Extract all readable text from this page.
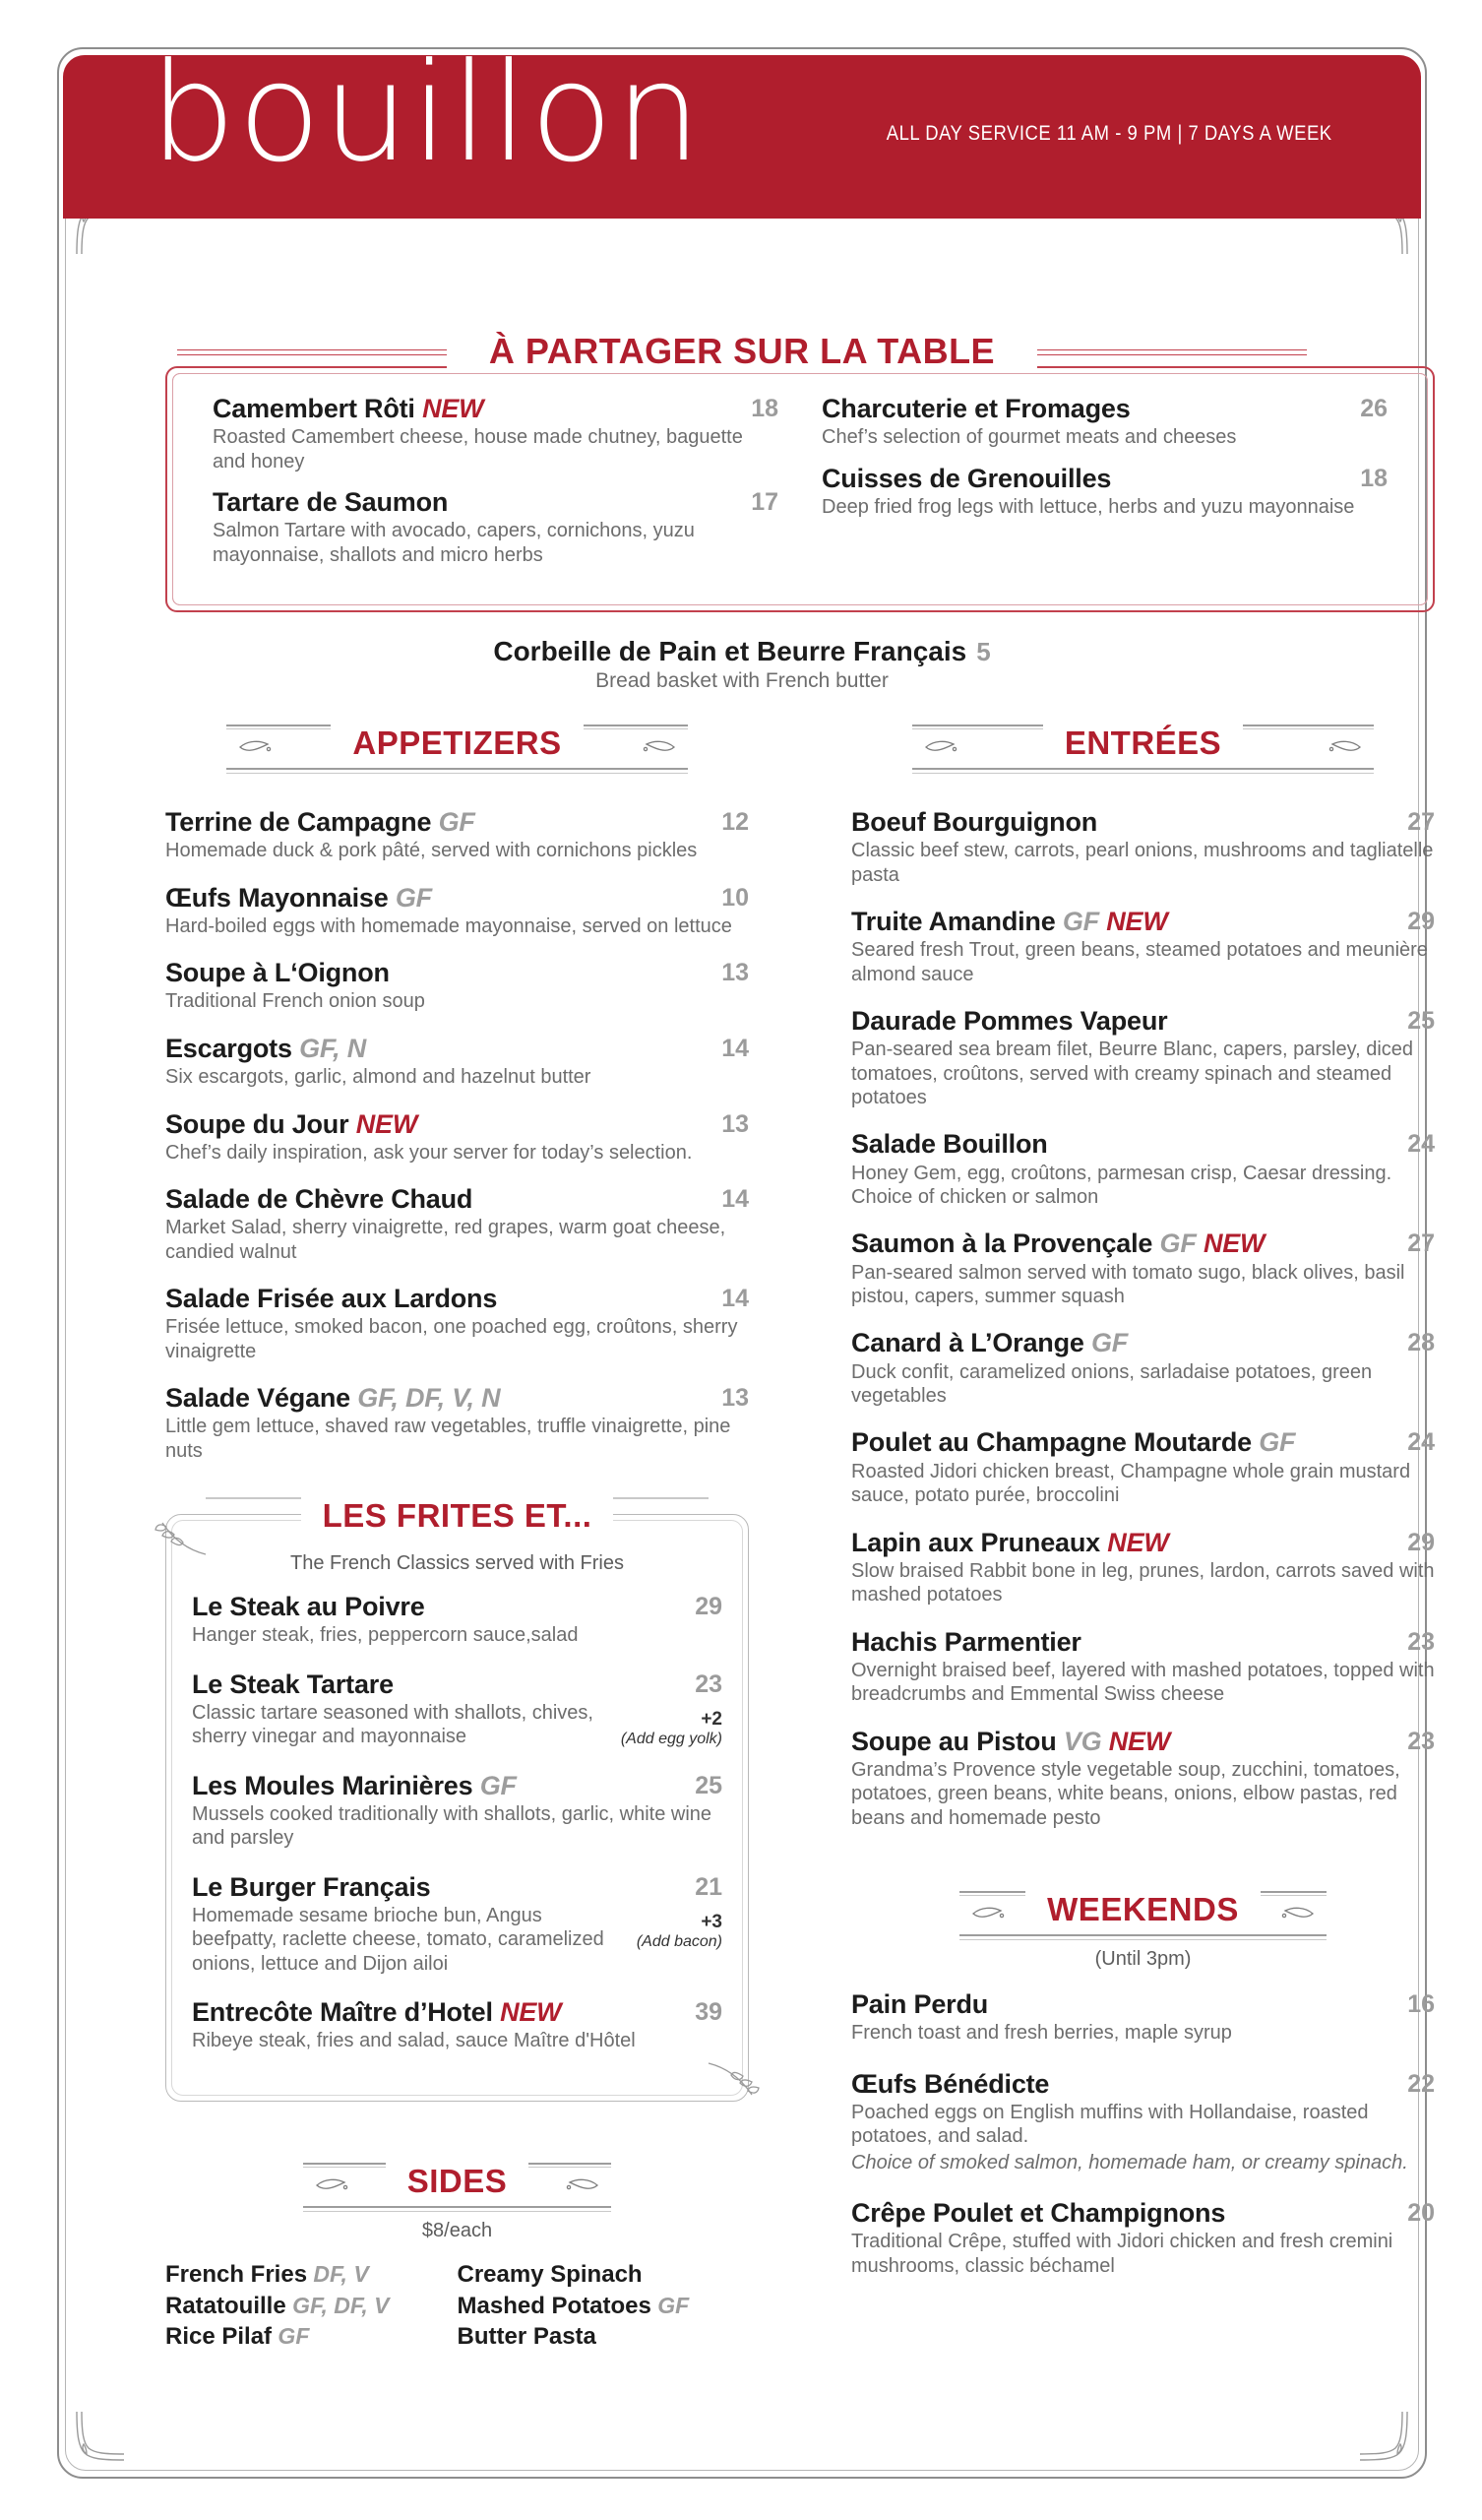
À PARTAGER SUR LA TABLE
Camembert Rôti NEW	18
Roasted Camembert cheese, house made chutney, baguette and honey
Tartare de Saumon	17
Salmon Tartare with avocado, capers, cornichons, yuzu mayonnaise, shallots and micro herbs
Charcuterie et Fromages	26
Chef’s selection of gourmet meats and cheeses
Cuisses de Grenouilles	18
Deep fried frog legs with lettuce, herbs and yuzu mayonnaise
Corbeille de Pain et Beurre Français 5
Bread basket with French butter
APPETIZERS
Terrine de Campagne GF	12
Homemade duck & pork pâté, served with cornichons pickles
Œufs Mayonnaise GF	10
Hard-boiled eggs with homemade mayonnaise, served on lettuce
Soupe à L‘Oignon	13
Traditional French onion soup
Escargots GF, N	14
Six escargots, garlic, almond and hazelnut butter
Soupe du Jour NEW	13
Chef’s daily inspiration, ask your server for today’s selection.
Salade de Chèvre Chaud	14
Market Salad, sherry vinaigrette, red grapes, warm goat cheese, candied walnut
Salade Frisée aux Lardons	14
Frisée lettuce, smoked bacon, one poached egg, croûtons, sherry vinaigrette
Salade Végane GF, DF, V, N	13
Little gem lettuce, shaved raw vegetables, truffle vinaigrette, pine nuts
LES FRITES ET...
The French Classics served with Fries
Le Steak au Poivre	29
Hanger steak, fries, peppercorn sauce,salad
Le Steak Tartare	23
Classic tartare seasoned with shallots, chives, sherry vinegar and mayonnaise
+2
(Add egg yolk)
Les Moules Marinières GF	25
Mussels cooked traditionally with shallots, garlic, white wine and parsley
Le Burger Français	21
Homemade sesame brioche bun, Angus beefpatty, raclette cheese, tomato, caramelized onions, lettuce and Dijon ailoi
+3
(Add bacon)
Entrecôte Maître d’Hotel NEW	39
Ribeye steak, fries and salad, sauce Maître d'Hôtel
SIDES
$8/each
French Fries DF, V
Ratatouille GF, DF, V
Rice Pilaf GF
Creamy Spinach
Mashed Potatoes GF
Butter Pasta
ENTRÉES
Boeuf Bourguignon	27
Classic beef stew, carrots, pearl onions, mushrooms and tagliatelle pasta
Truite Amandine GF NEW	29
Seared fresh Trout, green beans, steamed potatoes and meunière almond sauce
Daurade Pommes Vapeur	25
Pan-seared sea bream filet, Beurre Blanc, capers, parsley, diced tomatoes, croûtons, served with creamy spinach and steamed potatoes
Salade Bouillon	24
Honey Gem, egg, croûtons, parmesan crisp, Caesar dressing. Choice of chicken or salmon
Saumon à la Provençale GF NEW	27
Pan-seared salmon served with tomato sugo, black olives, basil pistou, capers, summer squash
Canard à L’Orange GF	28
Duck confit, caramelized onions, sarladaise potatoes, green vegetables
Poulet au Champagne Moutarde GF	24
Roasted Jidori chicken breast, Champagne whole grain mustard sauce, potato purée, broccolini
Lapin aux Pruneaux NEW	29
Slow braised Rabbit bone in leg, prunes, lardon, carrots saved with mashed potatoes
Hachis Parmentier	23
Overnight braised beef, layered with mashed potatoes, topped with breadcrumbs and Emmental Swiss cheese
Soupe au Pistou VG NEW	23
Grandma’s Provence style vegetable soup, zucchini, tomatoes, potatoes, green beans, white beans, onions, elbow pastas, red beans and homemade pesto
WEEKENDS
(Until 3pm)
Pain Perdu	16
French toast and fresh berries, maple syrup
Œufs Bénédicte	22
Poached eggs on English muffins with Hollandaise, roasted potatoes, and salad.
Choice of smoked salmon, homemade ham, or creamy spinach.
Crêpe Poulet et Champignons	20
Traditional Crêpe, stuffed with Jidori chicken and fresh cremini mushrooms, classic béchamel
bouillon	ALL DAY SERVICE 11 AM - 9 PM | 7 DAYS A WEEK
